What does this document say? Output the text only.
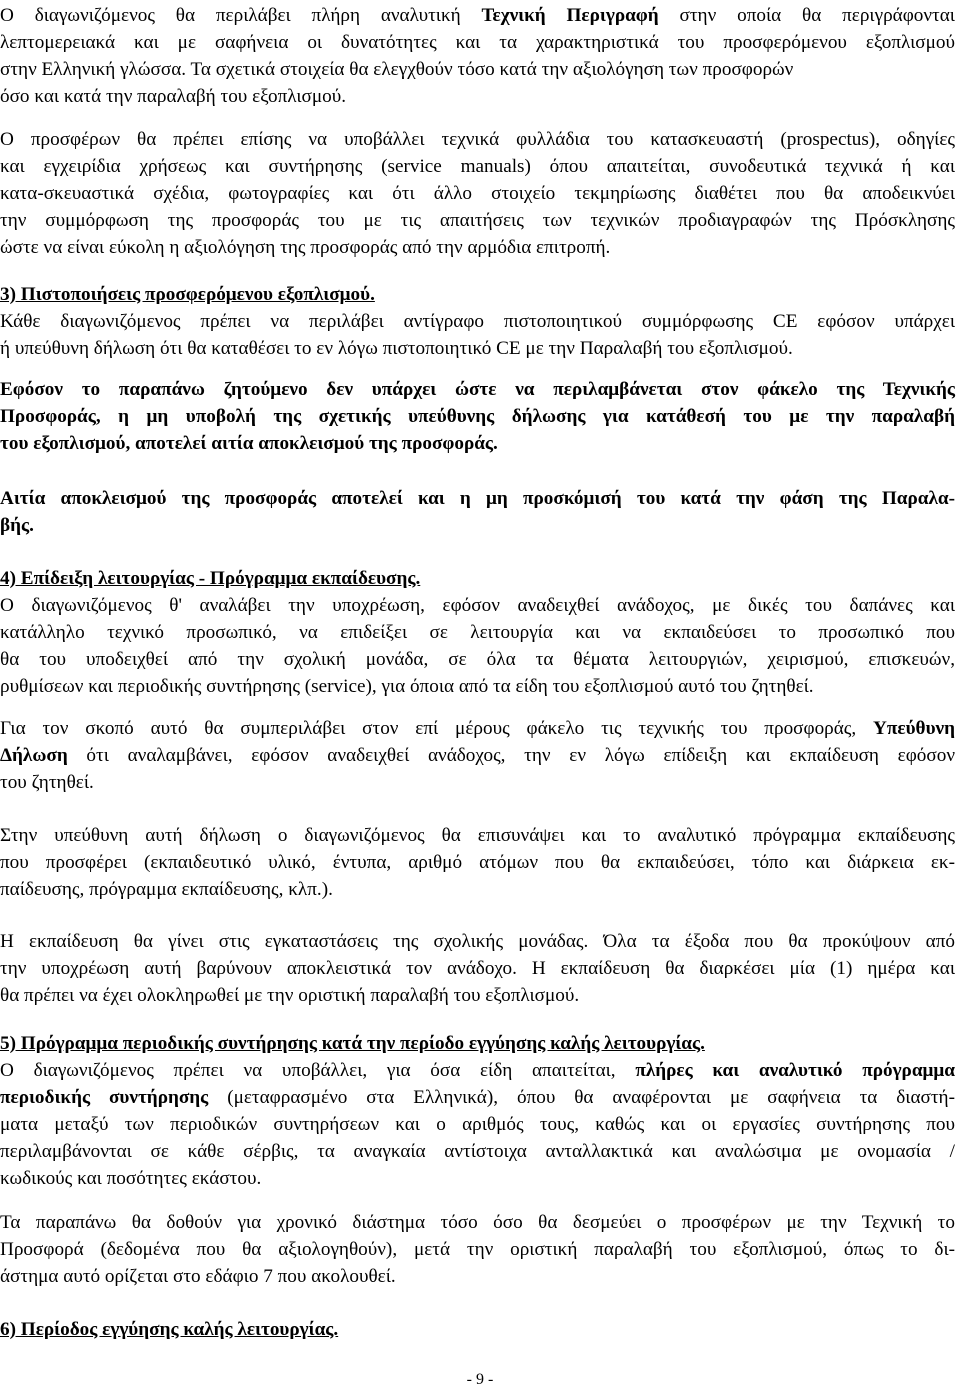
Ο διαγωνιζόμενος θα περιλάβει πλήρη αναλυτική Τεχνική Περιγραφή στην οποία θα περιγράφονται
λεπτομερειακά και με σαφήνεια οι δυνατότητες και τα χαρακτηριστικά του προσφερόμενου εξοπλισμού
στην Ελληνική γλώσσα. Τα σχετικά στοιχεία θα ελεγχθούν τόσο κατά την αξιολόγηση των προσφορών
όσο και κατά την παραλαβή του εξοπλισμού.
Ο προσφέρων θα πρέπει επίσης να υποβάλλει τεχνικά φυλλάδια του κατασκευαστή (prospectus), οδηγίες
και εγχειρίδια χρήσεως και συντήρησης (service manuals) όπου απαιτείται, συνοδευτικά τεχνικά ή και
κατα-σκευαστικά σχέδια, φωτογραφίες και ότι άλλο στοιχείο τεκμηρίωσης διαθέτει που θα αποδεικνύει
την συμμόρφωση της προσφοράς του με τις απαιτήσεις των τεχνικών προδιαγραφών της Πρόσκλησης
ώστε να είναι εύκολη η αξιολόγηση της προσφοράς από την αρμόδια επιτροπή.
3) Πιστοποιήσεις προσφερόμενου εξοπλισμού.
Κάθε διαγωνιζόμενος πρέπει να περιλάβει αντίγραφο πιστοποιητικού συμμόρφωσης CE εφόσον υπάρχει
ή υπεύθυνη δήλωση ότι θα καταθέσει το εν λόγω πιστοποιητικό CE με την Παραλαβή του εξοπλισμού.
Εφόσον το παραπάνω ζητούμενο δεν υπάρχει ώστε να περιλαμβάνεται στον φάκελο της Τεχνικής
Προσφοράς, η μη υποβολή της σχετικής υπεύθυνης δήλωσης για κατάθεσή του με την παραλαβή
του εξοπλισμού, αποτελεί αιτία αποκλεισμού της προσφοράς.
Αιτία αποκλεισμού της προσφοράς αποτελεί και η μη προσκόμισή του κατά την φάση της Παραλα-
βής.
4) Επίδειξη λειτουργίας - Πρόγραμμα εκπαίδευσης.
Ο διαγωνιζόμενος θ' αναλάβει την υποχρέωση, εφόσον αναδειχθεί ανάδοχος, με δικές του δαπάνες και
κατάλληλο τεχνικό προσωπικό, να επιδείξει σε λειτουργία και να εκπαιδεύσει το προσωπικό που
θα του υποδειχθεί από την σχολική μονάδα, σε όλα τα θέματα λειτουργιών, χειρισμού, επισκευών,
ρυθμίσεων και περιοδικής συντήρησης (service), για όποια από τα είδη του εξοπλισμού αυτό του ζητηθεί.
Για τον σκοπό αυτό θα συμπεριλάβει στον επί μέρους φάκελο τις τεχνικής του προσφοράς, Υπεύθυνη
Δήλωση ότι αναλαμβάνει, εφόσον αναδειχθεί ανάδοχος, την εν λόγω επίδειξη και εκπαίδευση εφόσον
του ζητηθεί.
Στην υπεύθυνη αυτή δήλωση ο διαγωνιζόμενος θα επισυνάψει και το αναλυτικό πρόγραμμα εκπαίδευσης
που προσφέρει (εκπαιδευτικό υλικό, έντυπα, αριθμό ατόμων που θα εκπαιδεύσει, τόπο και διάρκεια εκ-
παίδευσης, πρόγραμμα εκπαίδευσης, κλπ.).
Η εκπαίδευση θα γίνει στις εγκαταστάσεις της σχολικής μονάδας. Όλα τα έξοδα που θα προκύψουν από
την υποχρέωση αυτή βαρύνουν αποκλειστικά τον ανάδοχο. Η εκπαίδευση θα διαρκέσει μία (1) ημέρα και
θα πρέπει να έχει ολοκληρωθεί με την οριστική παραλαβή του εξοπλισμού.
5) Πρόγραμμα περιοδικής συντήρησης κατά την περίοδο εγγύησης καλής λειτουργίας.
Ο διαγωνιζόμενος πρέπει να υποβάλλει, για όσα είδη απαιτείται, πλήρες και αναλυτικό πρόγραμμα
περιοδικής συντήρησης (μεταφρασμένο στα Ελληνικά), όπου θα αναφέρονται με σαφήνεια τα διαστή-
ματα μεταξύ των περιοδικών συντηρήσεων και ο αριθμός τους, καθώς και οι εργασίες συντήρησης που
περιλαμβάνονται σε κάθε σέρβις, τα αναγκαία αντίστοιχα ανταλλακτικά και αναλώσιμα με ονομασία /
κωδικούς και ποσότητες εκάστου.
Τα παραπάνω θα δοθούν για χρονικό διάστημα τόσο όσο θα δεσμεύει ο προσφέρων με την Τεχνική το
Προσφορά (δεδομένα που θα αξιολογηθούν), μετά την οριστική παραλαβή του εξοπλισμού, όπως το δι-
άστημα αυτό ορίζεται στο εδάφιο 7 που ακολουθεί.
6) Περίοδος εγγύησης καλής λειτουργίας.
- 9 -
